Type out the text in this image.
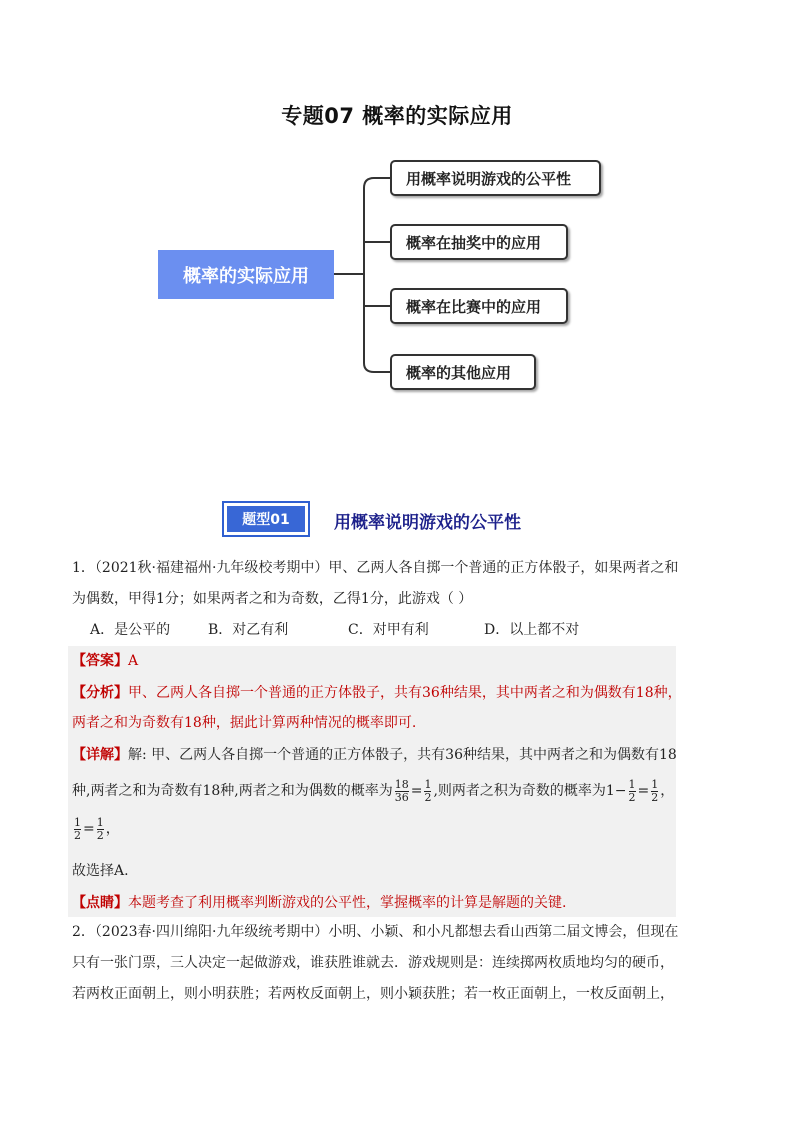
专题07 概率的实际应用
概率的实际应用
用概率说明游戏的公平性
概率在抽奖中的应用
概率在比赛中的应用
概率的其他应用
题型01	用概率说明游戏的公平性
1．（2021秋·福建福州·九年级校考期中）甲、乙两人各自掷一个普通的正方体骰子，如果两者之和
为偶数，甲得1分；如果两者之和为奇数，乙得1分，此游戏（ ）
A．是公平的	B．对乙有利	C．对甲有利	D．以上都不对
【答案】A
【分析】甲、乙两人各自掷一个普通的正方体骰子，共有36种结果，其中两者之和为偶数有18种，
两者之和为奇数有18种，据此计算两种情况的概率即可.
【详解】解: 甲、乙两人各自掷一个普通的正方体骰子，共有36种结果，其中两者之和为偶数有18
种,两者之和为奇数有18种,两者之和为偶数的概率为 $\frac{18}{36} = \frac{1}{2}$ ,则两者之积为奇数的概率为$1- \frac{1}{2} = \frac{1}{2}$ ，
$\frac{1}{2} = \frac{1}{2}$ ，
故选择A.
【点睛】本题考查了利用概率判断游戏的公平性，掌握概率的计算是解题的关键.
2．（2023春·四川绵阳·九年级统考期中）小明、小颖、和小凡都想去看山西第二届文博会，但现在
只有一张门票，三人决定一起做游戏，谁获胜谁就去．游戏规则是：连续掷两枚质地均匀的硬币，
若两枚正面朝上，则小明获胜；若两枚反面朝上，则小颖获胜；若一枚正面朝上，一枚反面朝上，
